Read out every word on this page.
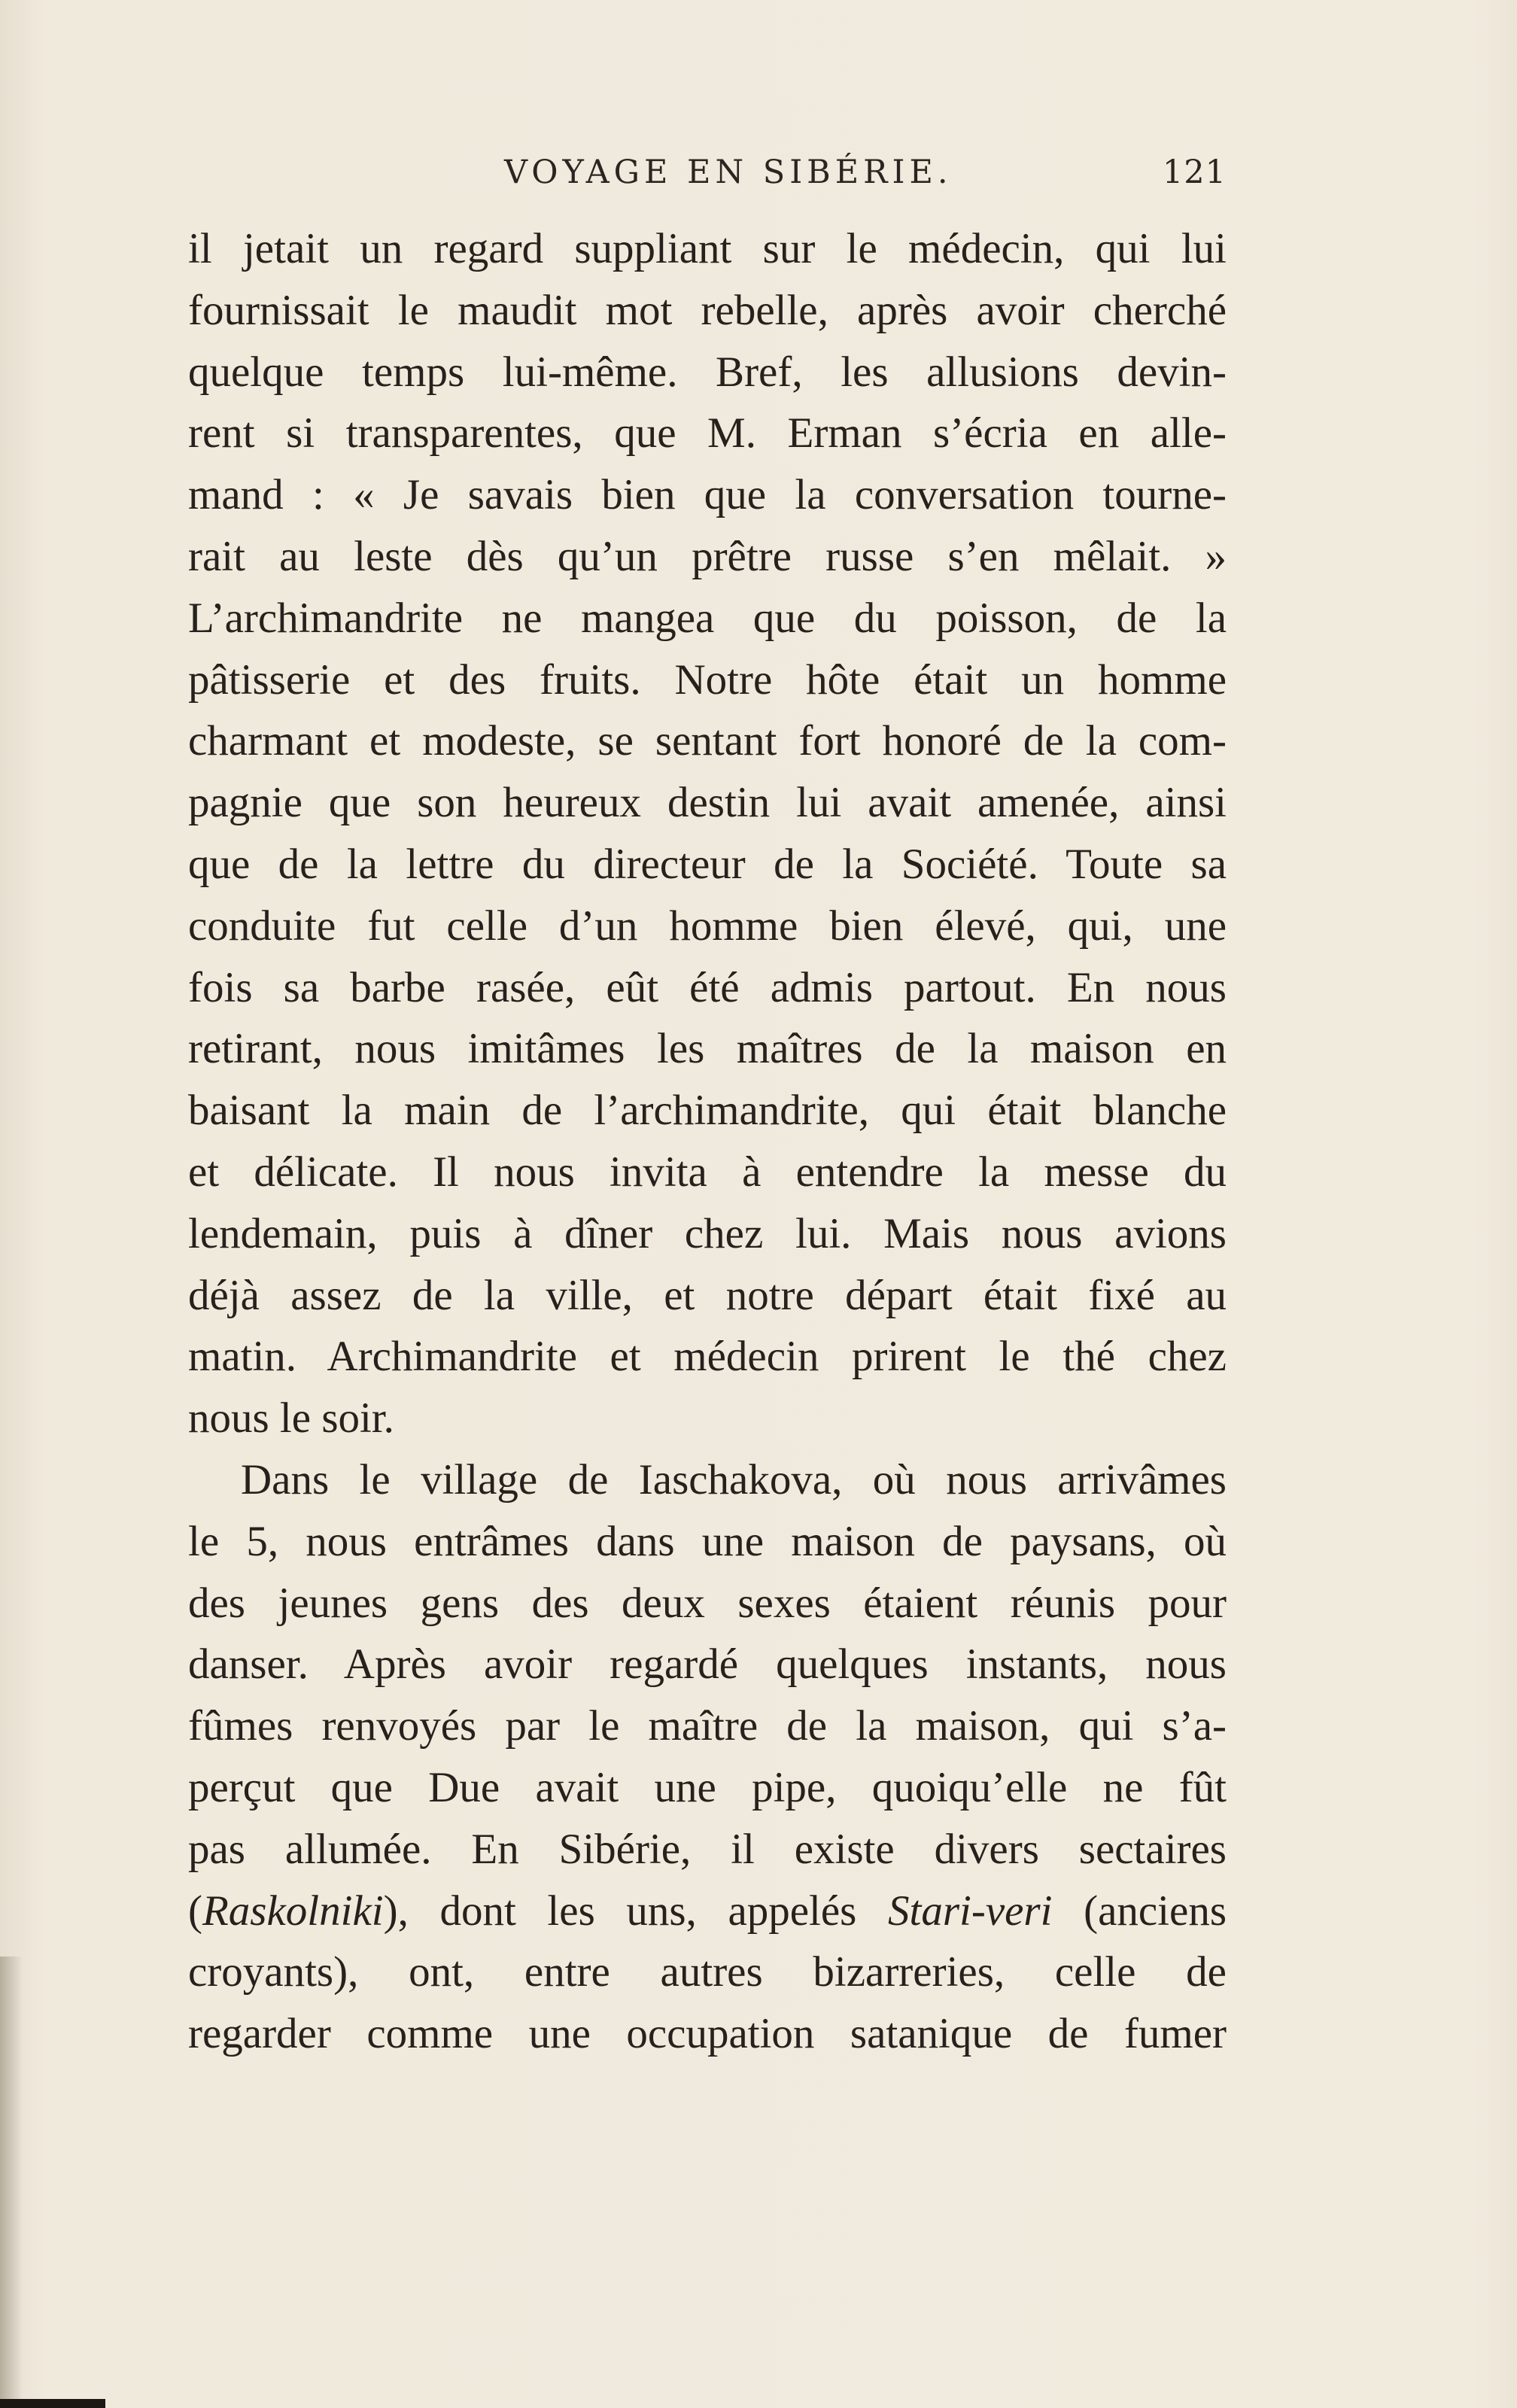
VOYAGE EN SIBÉRIE.	121
il jetait un regard suppliant sur le médecin, qui lui
fournissait le maudit mot rebelle, après avoir cherché
quelque temps lui-même. Bref, les allusions devin-
rent si transparentes, que M. Erman s’écria en alle-
mand : « Je savais bien que la conversation tourne-
rait au leste dès qu’un prêtre russe s’en mêlait. »
L’archimandrite ne mangea que du poisson, de la
pâtisserie et des fruits. Notre hôte était un homme
charmant et modeste, se sentant fort honoré de la com-
pagnie que son heureux destin lui avait amenée, ainsi
que de la lettre du directeur de la Société. Toute sa
conduite fut celle d’un homme bien élevé, qui, une
fois sa barbe rasée, eût été admis partout. En nous
retirant, nous imitâmes les maîtres de la maison en
baisant la main de l’archimandrite, qui était blanche
et délicate. Il nous invita à entendre la messe du
lendemain, puis à dîner chez lui. Mais nous avions
déjà assez de la ville, et notre départ était fixé au
matin. Archimandrite et médecin prirent le thé chez
nous le soir.
Dans le village de Iaschakova, où nous arrivâmes
le 5, nous entrâmes dans une maison de paysans, où
des jeunes gens des deux sexes étaient réunis pour
danser. Après avoir regardé quelques instants, nous
fûmes renvoyés par le maître de la maison, qui s’a-
perçut que Due avait une pipe, quoiqu’elle ne fût
pas allumée. En Sibérie, il existe divers sectaires
(Raskolniki), dont les uns, appelés Stari-veri (anciens
croyants), ont, entre autres bizarreries, celle de
regarder comme une occupation satanique de fumer
